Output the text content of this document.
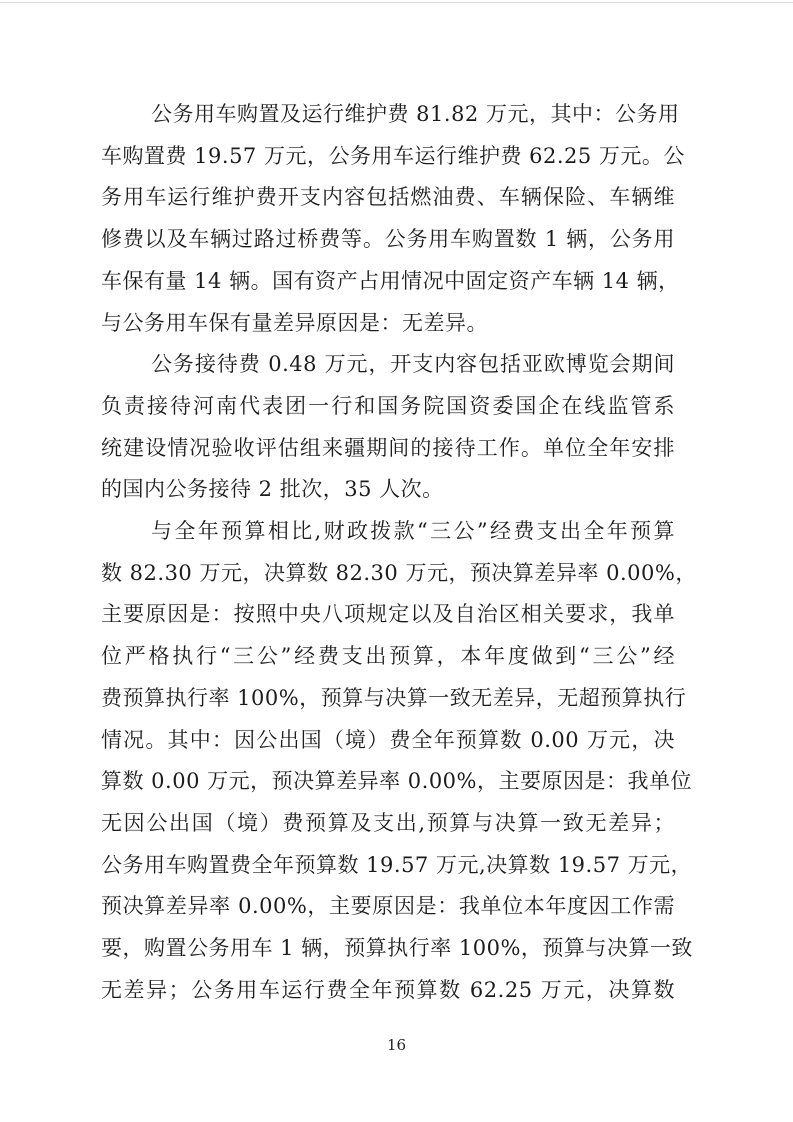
公务用车购置及运行维护费 81.82 万元，其中：公务用
车购置费 19.57 万元，公务用车运行维护费 62.25 万元。公
务用车运行维护费开支内容包括燃油费、车辆保险、车辆维
修费以及车辆过路过桥费等。公务用车购置数 1 辆，公务用
车保有量 14 辆。国有资产占用情况中固定资产车辆 14 辆，
与公务用车保有量差异原因是：无差异。
公务接待费 0.48 万元，开支内容包括亚欧博览会期间
负责接待河南代表团一行和国务院国资委国企在线监管系
统建设情况验收评估组来疆期间的接待工作。单位全年安排
的国内公务接待 2 批次，35 人次。
与全年预算相比,财政拨款“三公”经费支出全年预算
数 82.30 万元，决算数 82.30 万元，预决算差异率 0.00%，
主要原因是：按照中央八项规定以及自治区相关要求，我单
位严格执行“三公”经费支出预算，本年度做到“三公”经
费预算执行率 100%，预算与决算一致无差异，无超预算执行
情况。其中：因公出国（境）费全年预算数 0.00 万元，决
算数 0.00 万元，预决算差异率 0.00%，主要原因是：我单位
无因公出国（境）费预算及支出,预算与决算一致无差异；
公务用车购置费全年预算数 19.57 万元,决算数 19.57 万元，
预决算差异率 0.00%，主要原因是：我单位本年度因工作需
要，购置公务用车 1 辆，预算执行率 100%，预算与决算一致
无差异；公务用车运行费全年预算数 62.25 万元，决算数
16
